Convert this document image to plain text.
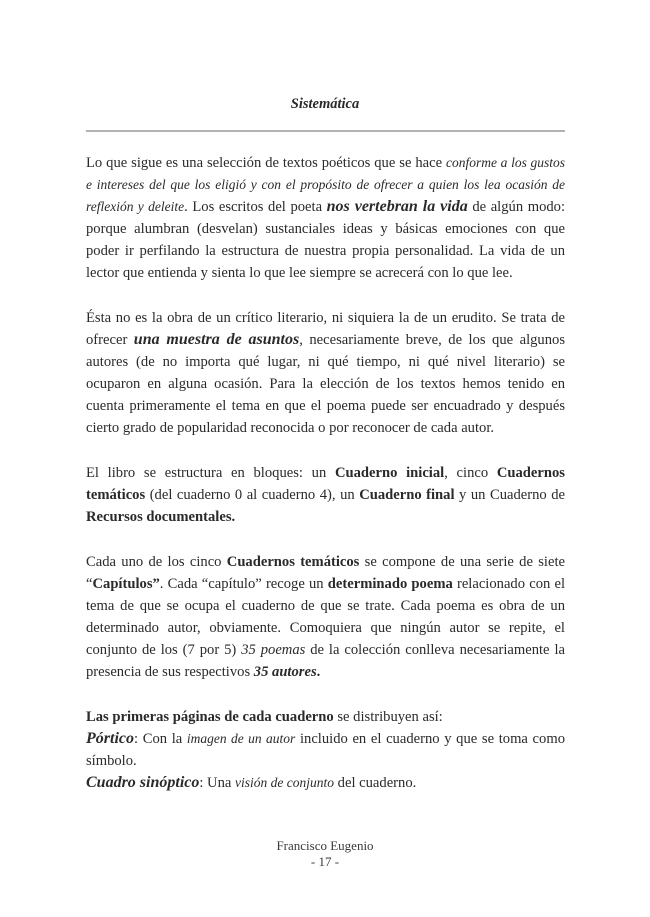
Sistemática

Lo que sigue es una selección de textos poéticos que se hace conforme a los gustos e intereses del que los eligió y con el propósito de ofrecer a quien los lea ocasión de reflexión y deleite. Los escritos del poeta nos vertebran la vida de algún modo: porque alumbran (desvelan) sustanciales ideas y básicas emociones con que poder ir perfilando la estructura de nuestra propia personalidad. La vida de un lector que entienda y sienta lo que lee siempre se acrecerá con lo que lee.

Ésta no es la obra de un crítico literario, ni siquiera la de un erudito. Se trata de ofrecer una muestra de asuntos, necesariamente breve, de los que algunos autores (de no importa qué lugar, ni qué tiempo, ni qué nivel literario) se ocuparon en alguna ocasión. Para la elección de los textos hemos tenido en cuenta primeramente el tema en que el poema puede ser encuadrado y después cierto grado de popularidad reconocida o por reconocer de cada autor.

El libro se estructura en bloques: un Cuaderno inicial, cinco Cuadernos temáticos (del cuaderno 0 al cuaderno 4), un Cuaderno final y un Cuaderno de Recursos documentales.

Cada uno de los cinco Cuadernos temáticos se compone de una serie de siete “Capítulos”. Cada “capítulo” recoge un determinado poema relacionado con el tema de que se ocupa el cuaderno de que se trate. Cada poema es obra de un determinado autor, obviamente. Comoquiera que ningún autor se repite, el conjunto de los (7 por 5) 35 poemas de la colección conlleva necesariamente la presencia de sus respectivos 35 autores.

Las primeras páginas de cada cuaderno se distribuyen así:

Pórtico: Con la imagen de un autor incluido en el cuaderno y que se toma como símbolo.

Cuadro sinóptico: Una visión de conjunto del cuaderno.

Francisco Eugenio
- 17 -
